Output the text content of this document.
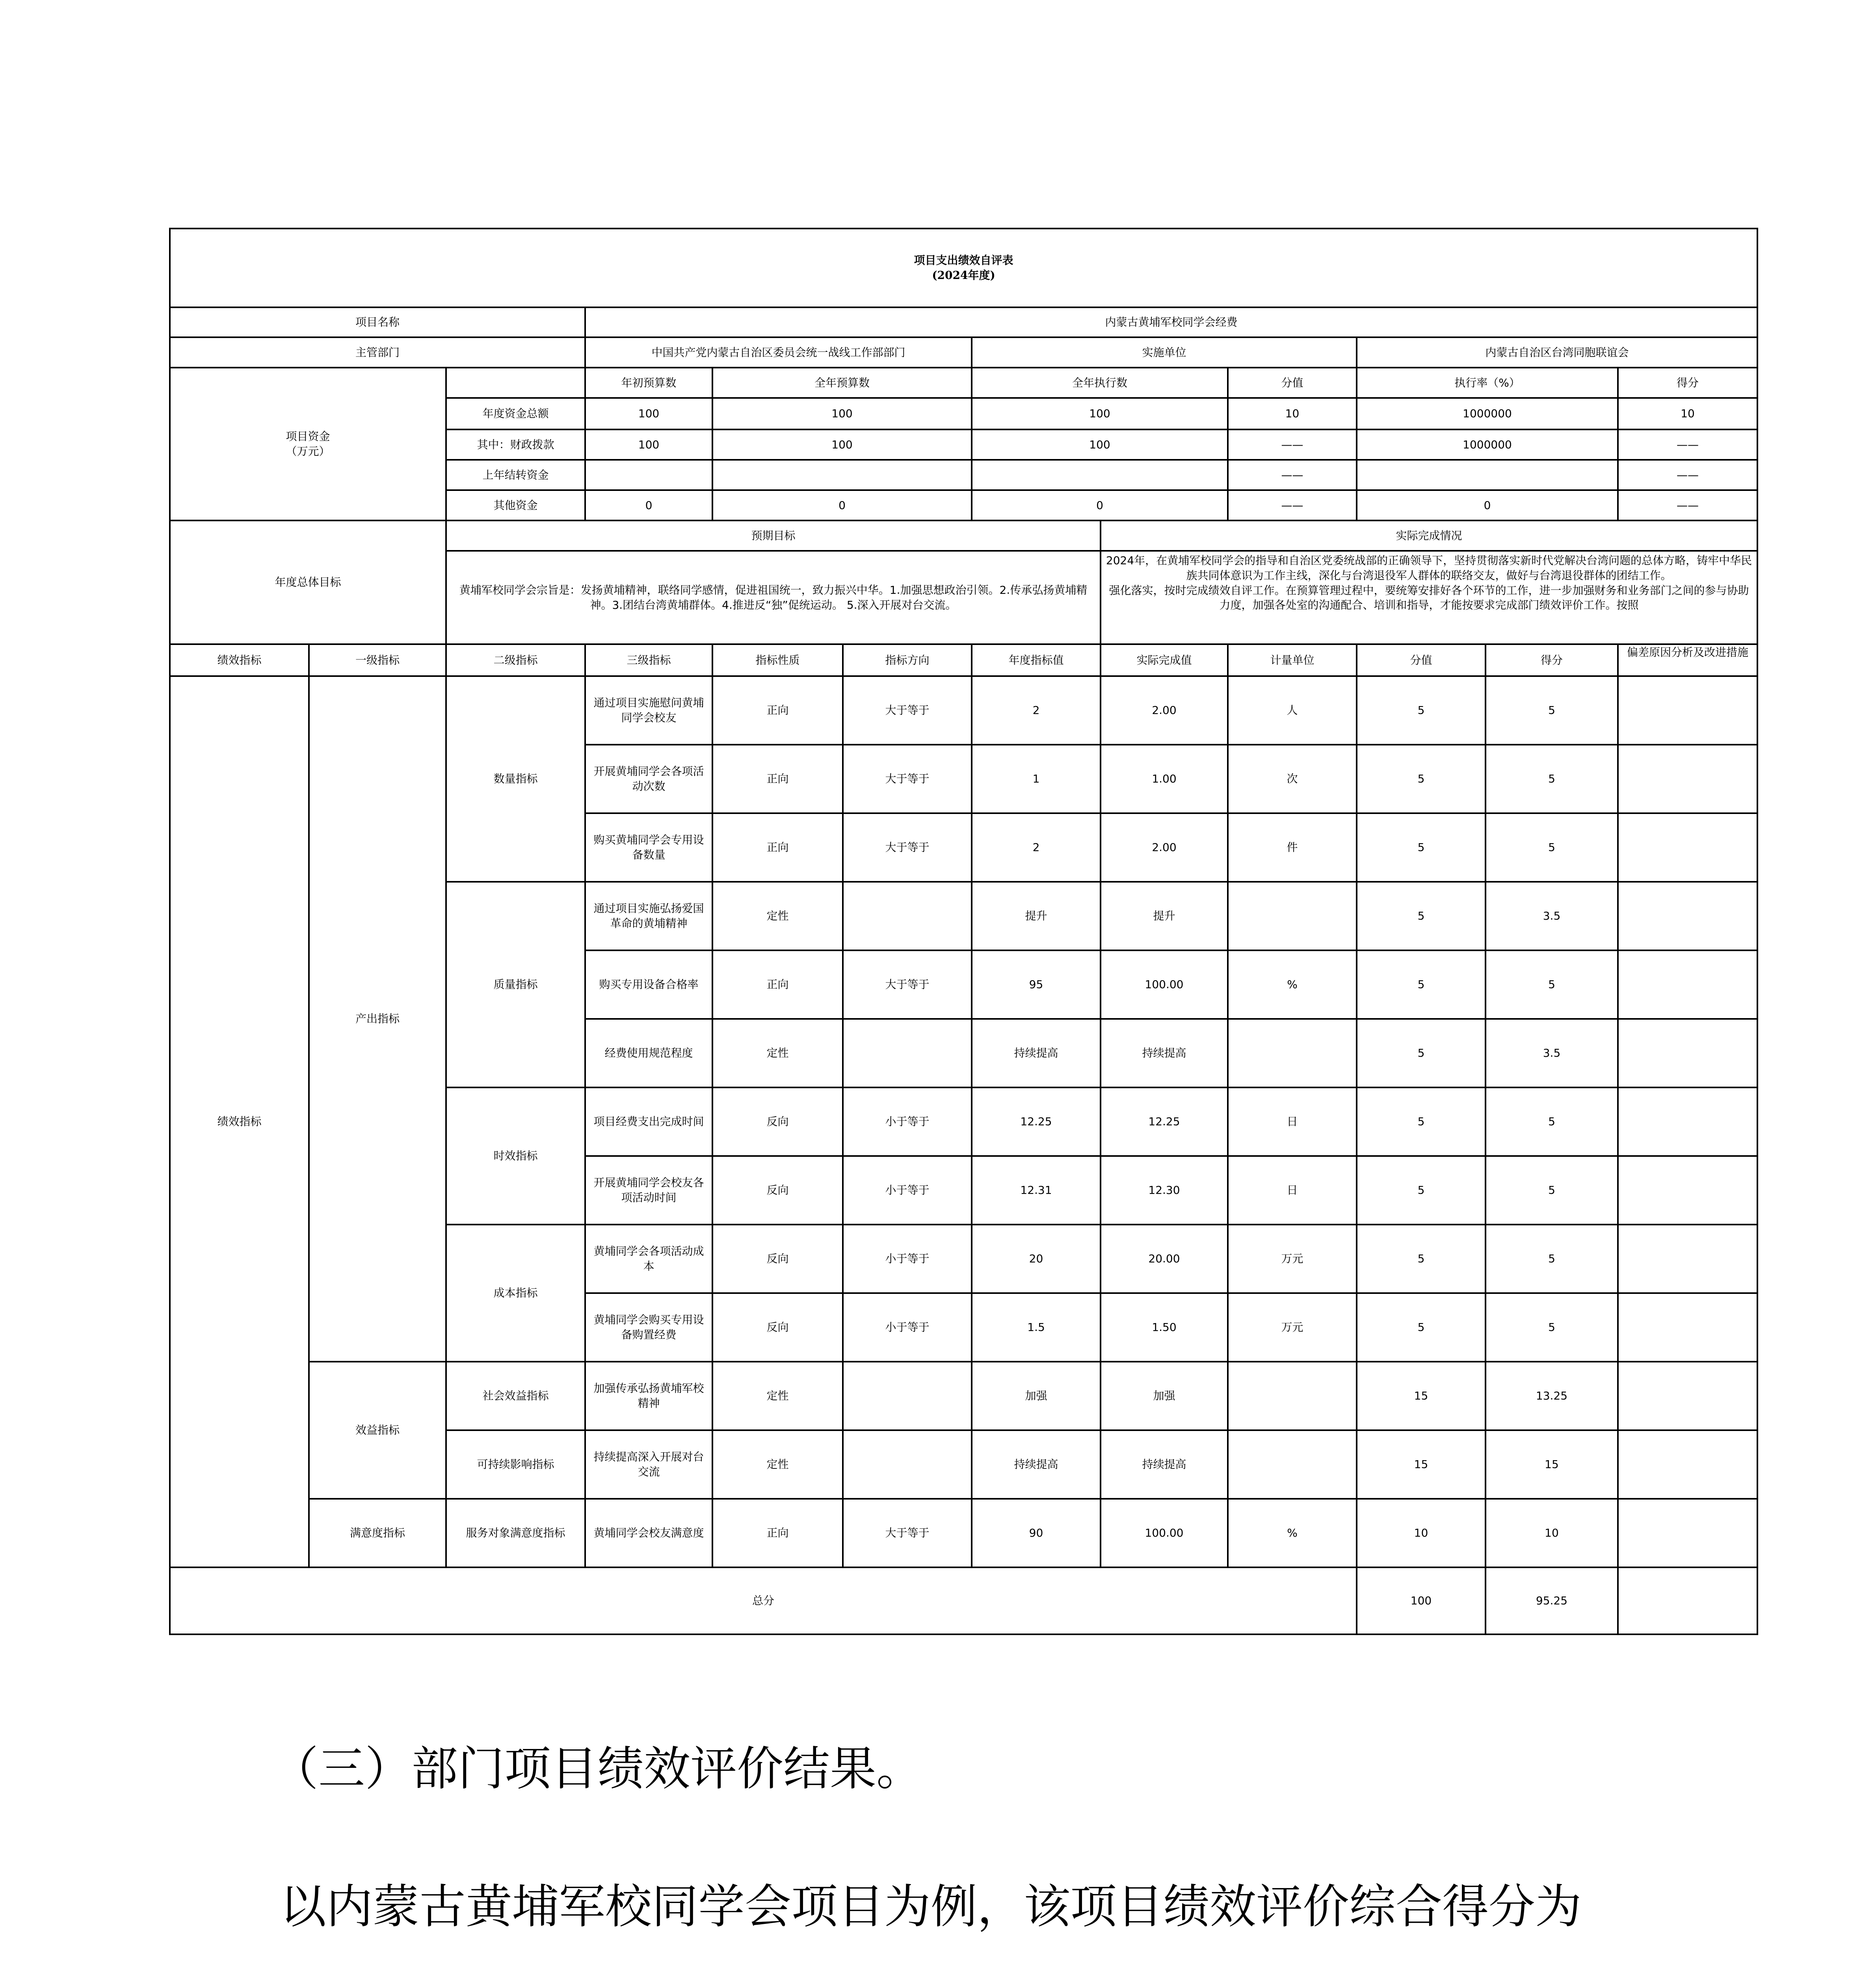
项目支出绩效自评表
(2024年度)											

项目名称			内蒙古黄埔军校同学会经费								
主管部门			中国共产党内蒙古自治区委员会统一战线工作部部门			实施单位			内蒙古自治区台湾同胞联谊会		

项目资金
（万元）			年初预算数	全年预算数		全年执行数		分值	执行率（%）		得分
		年度资金总额	100	100		100		10	1000000		10
		其中：财政拨款	100	100		100		——	1000000		——
		上年结转资金						——			——
		其他资金	0	0		0		——	0		——
年度总体目标		预期目标					实际完成情况				
		黄埔军校同学会宗旨是：发扬黄埔精神，联络同学感情，促进祖国统一，致力振兴中华。1.加强思想政治引领。2.传承弘扬黄埔精神。3.团结台湾黄埔群体。4.推进反“独”促统运动。 5.深入开展对台交流。					2024年，在黄埔军校同学会的指导和自治区党委统战部的正确领导下，坚持贯彻落实新时代党解决台湾问题的总体方略，铸牢中华民族共同体意识为工作主线，深化与台湾退役军人群体的联络交友，做好与台湾退役群体的团结工作。
强化落实，按时完成绩效自评工作。在预算管理过程中，要统筹安排好各个环节的工作，进一步加强财务和业务部门之间的参与协助力度，加强各处室的沟通配合、培训和指导，才能按要求完成部门绩效评价工作。按照				

绩效指标	一级指标	二级指标	三级指标	指标性质	指标方向	年度指标值	实际完成值	计量单位	分值	得分	偏差原因分析及改进措施
绩效指标	产出指标	数量指标	通过项目实施慰问黄埔同学会校友	正向	大于等于	2	2.00	人	5	5	
			开展黄埔同学会各项活动次数	正向	大于等于	1	1.00	次	5	5	
			购买黄埔同学会专用设备数量	正向	大于等于	2	2.00	件	5	5	
		质量指标	通过项目实施弘扬爱国革命的黄埔精神	定性		提升	提升		5	3.5	
			购买专用设备合格率	正向	大于等于	95	100.00	%	5	5	
			经费使用规范程度	定性		持续提高	持续提高		5	3.5	
		时效指标	项目经费支出完成时间	反向	小于等于	12.25	12.25	日	5	5	
			开展黄埔同学会校友各项活动时间	反向	小于等于	12.31	12.30	日	5	5	
		成本指标	黄埔同学会各项活动成本	反向	小于等于	20	20.00	万元	5	5	
			黄埔同学会购买专用设备购置经费	反向	小于等于	1.5	1.50	万元	5	5	
	效益指标	社会效益指标	加强传承弘扬黄埔军校精神	定性		加强	加强		15	13.25	
		可持续影响指标	持续提高深入开展对台交流	定性		持续提高	持续提高		15	15	
	满意度指标	服务对象满意度指标	黄埔同学会校友满意度	正向	大于等于	90	100.00	%	10	10	
总分									100	95.25	
（三）部门项目绩效评价结果。
以内蒙古黄埔军校同学会项目为例，该项目绩效评价综合得分为
